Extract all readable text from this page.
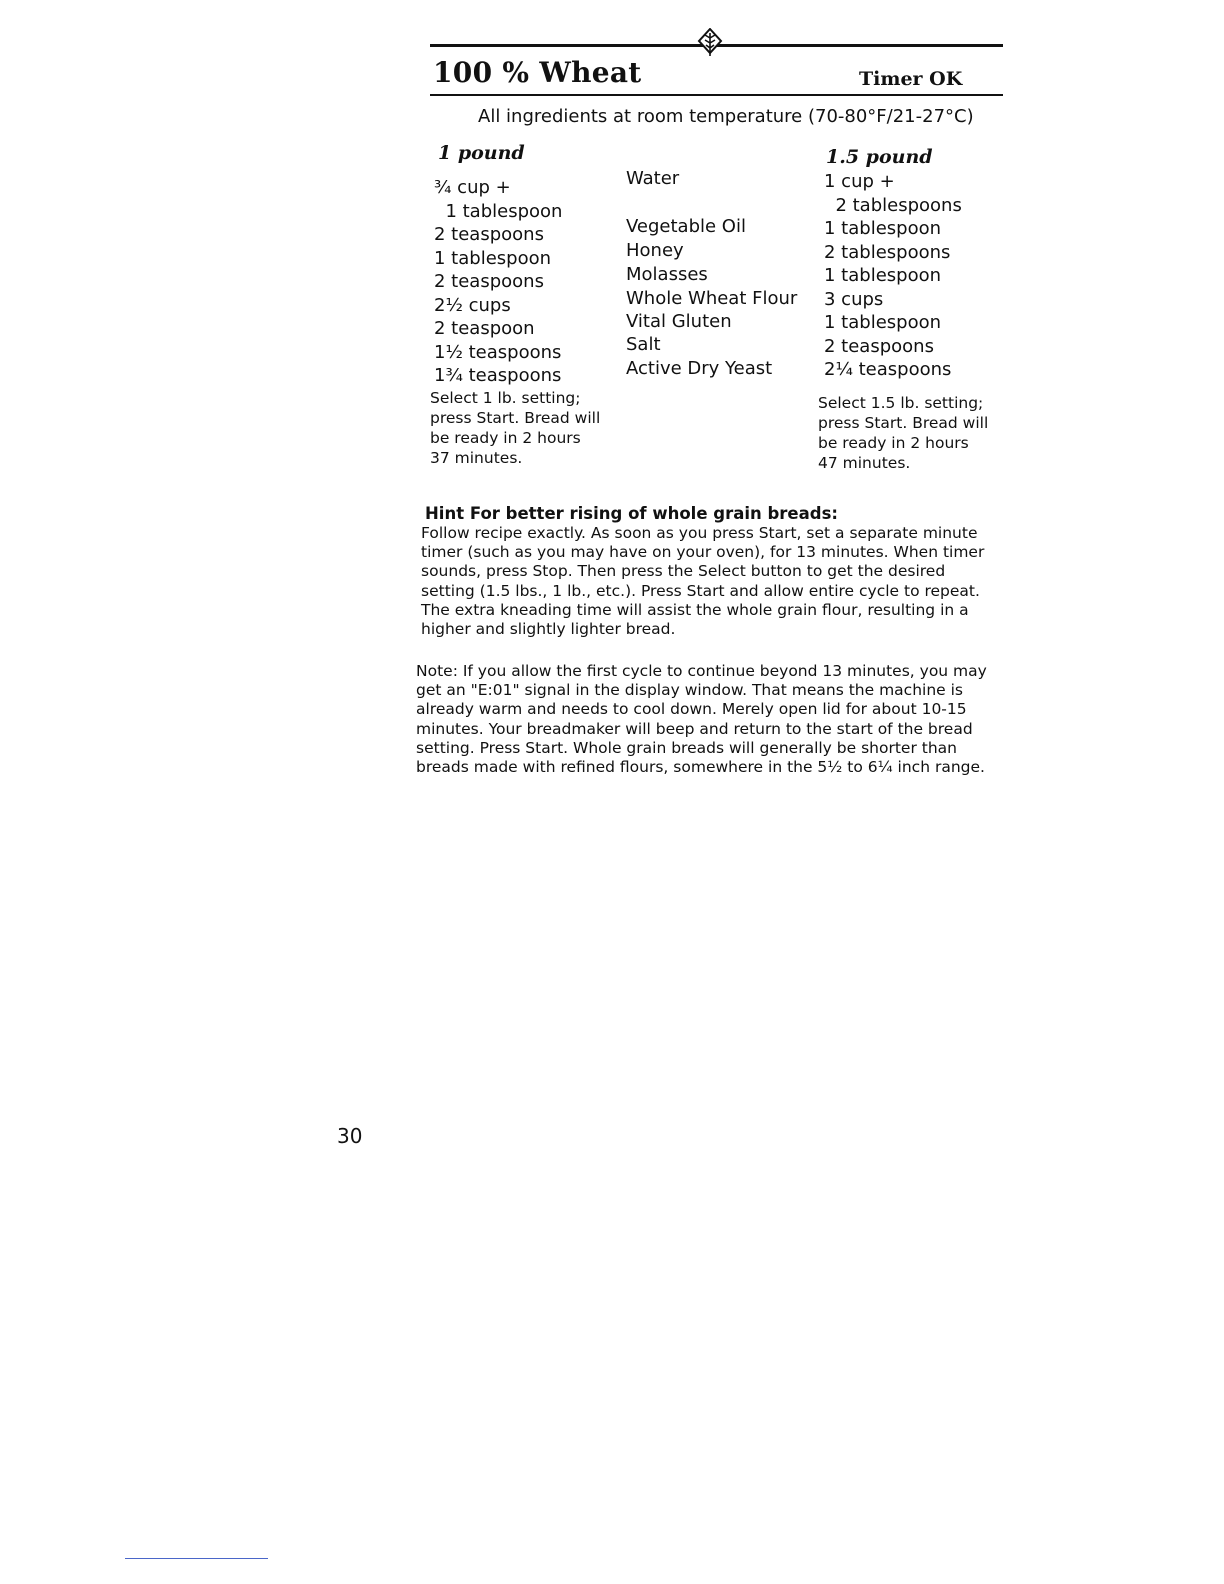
100 % Wheat	Timer OK
All ingredients at room temperature (70-80°F/21-27°C)
1 pound
¾ cup +
1 tablespoon
2 teaspoons
1 tablespoon
2 teaspoons
2½ cups
2 teaspoon
1½ teaspoons
1¾ teaspoons
Water
Vegetable Oil
Honey
Molasses
Whole Wheat Flour
Vital Gluten
Salt
Active Dry Yeast
1.5 pound
1 cup +
2 tablespoons
1 tablespoon
2 tablespoons
1 tablespoon
3 cups
1 tablespoon
2 teaspoons
2¼ teaspoons
Select 1 lb. setting;
press Start. Bread will
be ready in 2 hours
37 minutes.
Select 1.5 lb. setting;
press Start. Bread will
be ready in 2 hours
47 minutes.
Hint For better rising of whole grain breads:
Follow recipe exactly. As soon as you press Start, set a separate minute timer (such as you may have on your oven), for 13 minutes. When timer sounds, press Stop. Then press the Select button to get the desired setting (1.5 lbs., 1 lb., etc.). Press Start and allow entire cycle to repeat. The extra kneading time will assist the whole grain flour, resulting in a higher and slightly lighter bread.
Note: If you allow the first cycle to continue beyond 13 minutes, you may get an "E:01" signal in the display window. That means the machine is already warm and needs to cool down. Merely open lid for about 10-15 minutes. Your breadmaker will beep and return to the start of the bread setting. Press Start. Whole grain breads will generally be shorter than breads made with refined flours, somewhere in the 5½ to 6¼ inch range.
30
